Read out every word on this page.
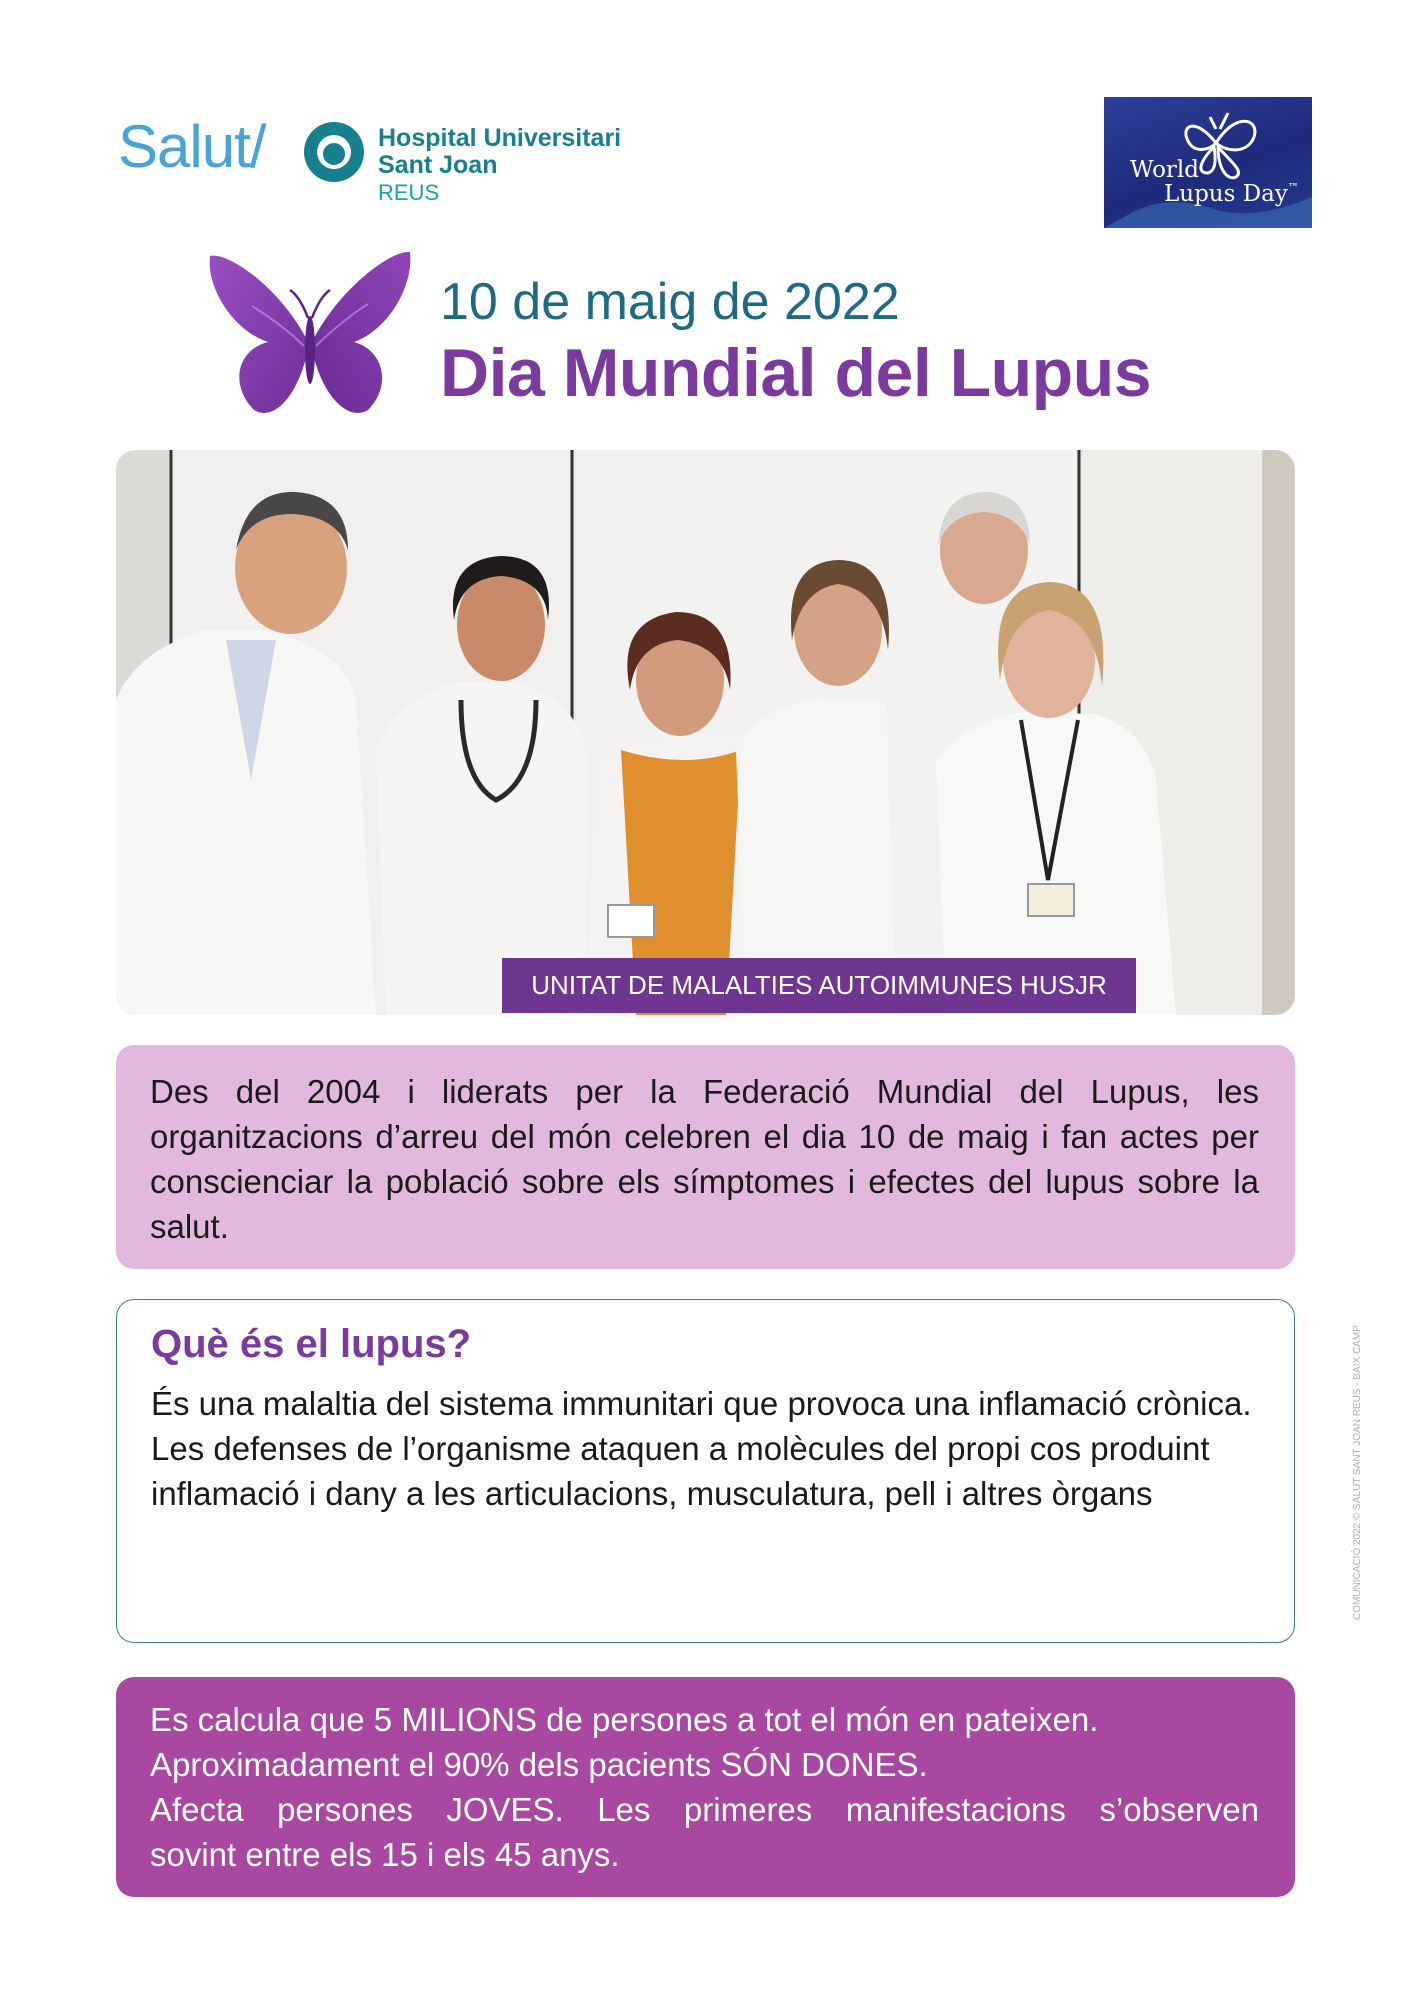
Salut/	Hospital Universitari
Sant Joan
REUS
World
Lupus Day™
10 de maig de 2022
Dia Mundial del Lupus
UNITAT DE MALALTIES AUTOIMMUNES HUSJR

Des del 2004 i liderats per la Federació Mundial del Lupus, les organitzacions d’arreu del món celebren el dia 10 de maig i fan actes per conscienciar la població sobre els símptomes i efectes del lupus sobre la salut.

Què és el lupus?

És una malaltia del sistema immunitari que provoca una inflamació crònica.

Les defenses de l’organisme ataquen a molècules del propi cos produint inflamació i dany a les articulacions, musculatura, pell i altres òrgans

Es calcula que 5 MILIONS de persones a tot el món en pateixen.

Aproximadament el 90% dels pacients SÓN DONES.

Afecta persones JOVES. Les primeres manifestacions s’observen

sovint entre els 15 i els 45 anys.

COMUNICACIÓ 2022 © SALUT SANT JOAN REUS - BAIX CAMP
